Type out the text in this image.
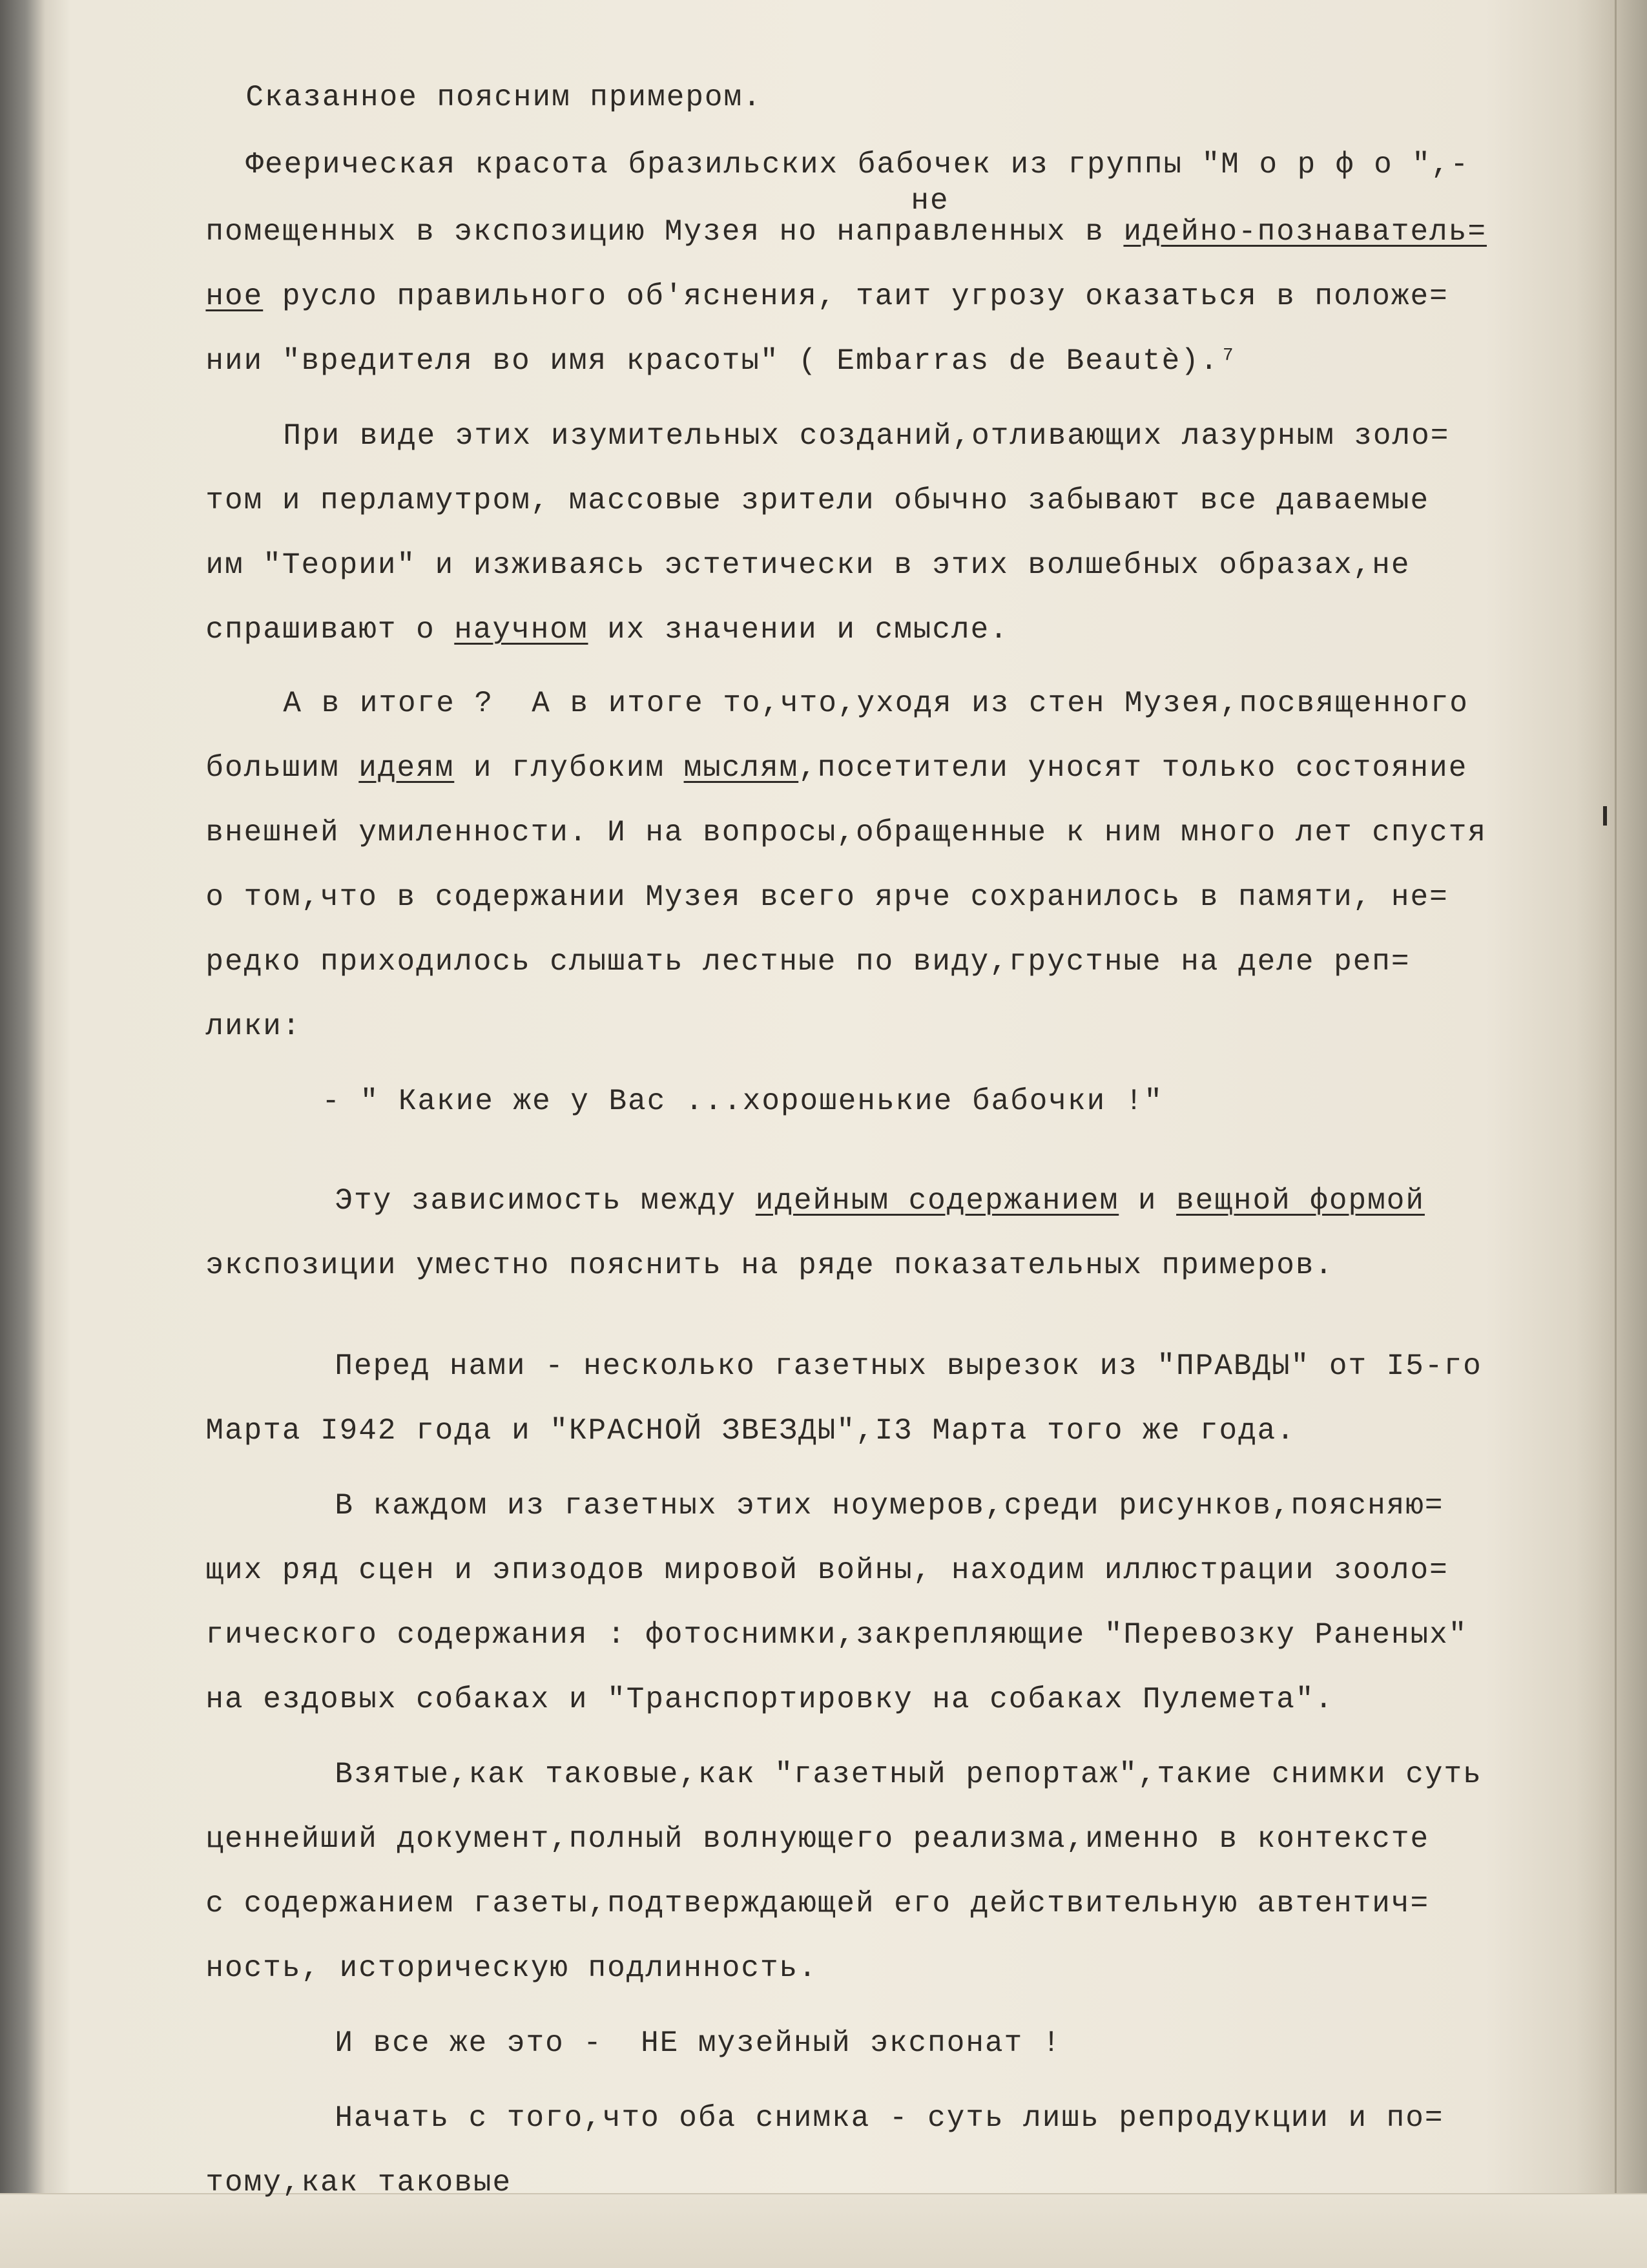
Сказанное поясним примером.

Феерическая красота бразильских бабочек из группы "М о р ф о ",-

не

помещенных в экспозицию Музея но направленных в идейно-познаватель=

ное русло правильного об'яснения, таит угрозу оказаться в положе=

нии "вредителя во имя красоты" ( Embarras de Beautè).⁷

При виде этих изумительных созданий,отливающих лазурным золо=

том и перламутром, массовые зрители обычно забывают все даваемые

им "Теории" и изживаясь эстетически в этих волшебных образах,не

спрашивают о научном их значении и смысле.

А в итоге ?  А в итоге то,что,уходя из стен Музея,посвященного

большим идеям и глубоким мыслям,посетители уносят только состояние

внешней умиленности. И на вопросы,обращенные к ним много лет спустя

о том,что в содержании Музея всего ярче сохранилось в памяти, не=

редко приходилось слышать лестные по виду,грустные на деле реп=

лики:

- " Какие же у Вас ...хорошенькие бабочки !"

Эту зависимость между идейным содержанием и вещной формой

экспозиции уместно пояснить на ряде показательных примеров.

Перед нами - несколько газетных вырезок из "ПРАВДЫ" от I5-го

Марта I942 года и "КРАСНОЙ ЗВЕЗДЫ",I3 Марта того же года.

В каждом из газетных этих ноумеров,среди рисунков,поясняю=

щих ряд сцен и эпизодов мировой войны, находим иллюстрации зооло=

гического содержания : фотоснимки,закрепляющие "Перевозку Раненых"

на ездовых собаках и "Транспортировку на собаках Пулемета".

Взятые,как таковые,как "газетный репортаж",такие снимки суть

ценнейший документ,полный волнующего реализма,именно в контексте

с содержанием газеты,подтверждающей его действительную автентич=

ность, историческую подлинность.

И все же это -  НЕ музейный экспонат !

Начать с того,что оба снимка - суть лишь репродукции и по=

тому,как таковые
